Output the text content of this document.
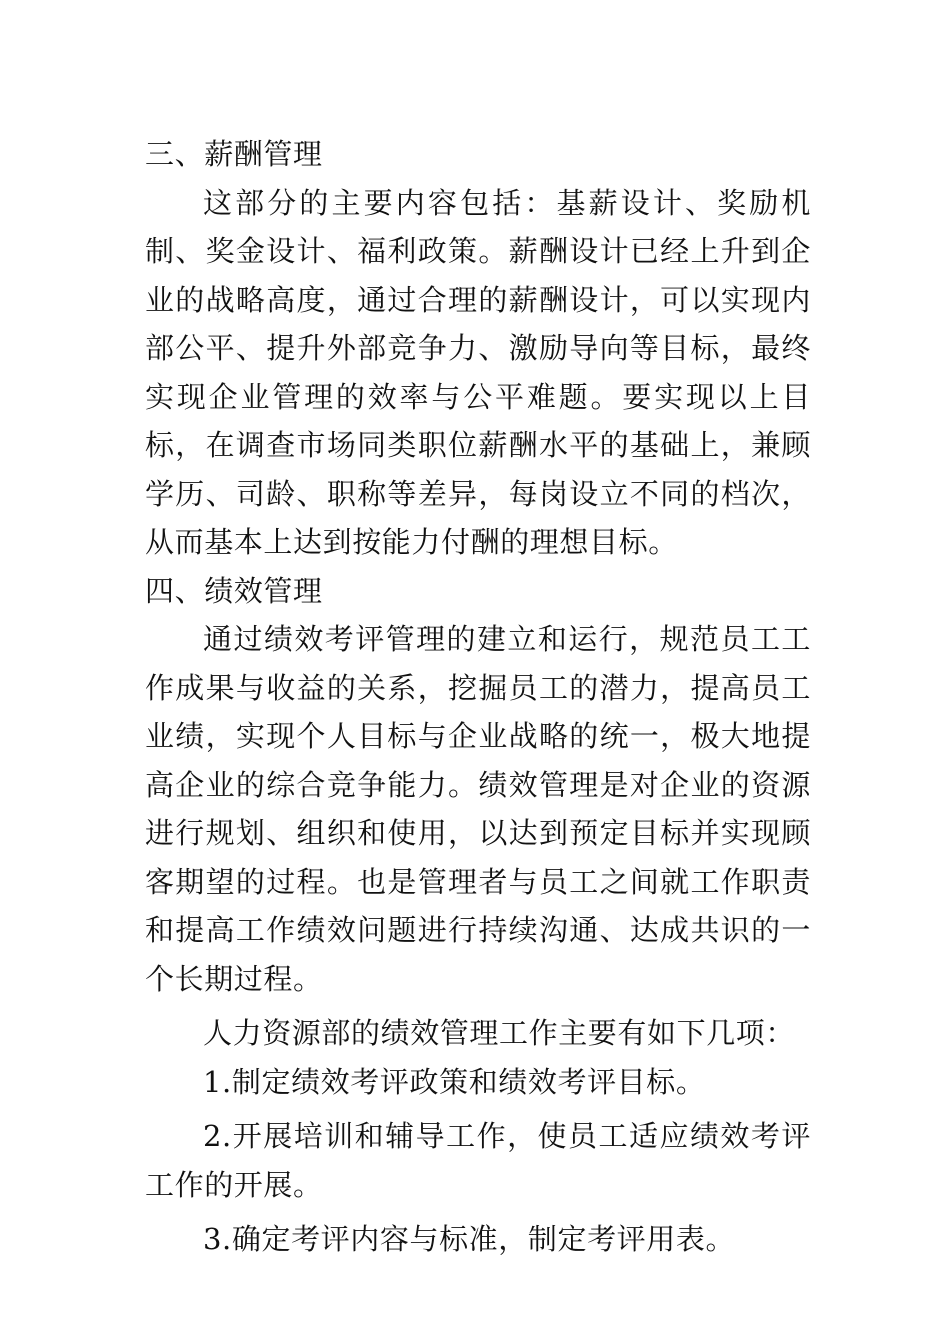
三、薪酬管理

这部分的主要内容包括：基薪设计、奖励机制、奖金设计、福利政策。薪酬设计已经上升到企业的战略高度，通过合理的薪酬设计，可以实现内部公平、提升外部竞争力、激励导向等目标，最终实现企业管理的效率与公平难题。要实现以上目标，在调查市场同类职位薪酬水平的基础上，兼顾学历、司龄、职称等差异，每岗设立不同的档次，从而基本上达到按能力付酬的理想目标。

四、绩效管理

通过绩效考评管理的建立和运行，规范员工工作成果与收益的关系，挖掘员工的潜力，提高员工业绩，实现个人目标与企业战略的统一，极大地提高企业的综合竞争能力。绩效管理是对企业的资源进行规划、组织和使用，以达到预定目标并实现顾客期望的过程。也是管理者与员工之间就工作职责和提高工作绩效问题进行持续沟通、达成共识的一个长期过程。

人力资源部的绩效管理工作主要有如下几项：

1.制定绩效考评政策和绩效考评目标。

2.开展培训和辅导工作，使员工适应绩效考评工作的开展。

3.确定考评内容与标准，制定考评用表。
